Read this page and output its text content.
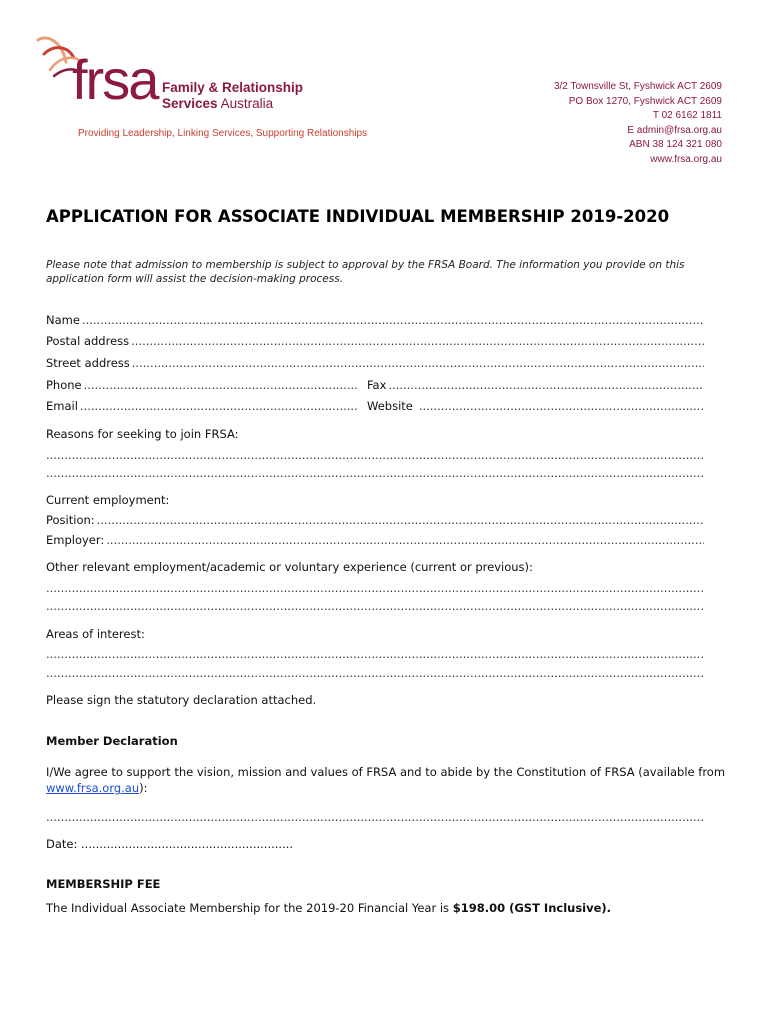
frsa Family & Relationship
Services Australia
Providing Leadership, Linking Services, Supporting Relationships
3/2 Townsville St, Fyshwick ACT 2609
PO Box 1270, Fyshwick ACT 2609
T 02 6162 1811
E admin@frsa.org.au
ABN 38 124 321 080
www.frsa.org.au
APPLICATION FOR ASSOCIATE INDIVIDUAL MEMBERSHIP 2019-2020
Please note that admission to membership is subject to approval by the FRSA Board. The information you provide on this application form will assist the decision-making process.
Name
.....
Postal address
.....
Street address
.....
Phone .....	Fax
.....
Email .....	Website
.....
Reasons for seeking to join FRSA:
.....
.....
Current employment:
Position:
.....
Employer:
.....
Other relevant employment/academic or voluntary experience (current or previous):
.....
.....
Areas of interest:
.....
.....
Please sign the statutory declaration attached.
Member Declaration
I/We agree to support the vision, mission and values of FRSA and to abide by the Constitution of FRSA (available from www.frsa.org.au):
.....
Date: ..........................................................
MEMBERSHIP FEE
The Individual Associate Membership for the 2019-20 Financial Year is $198.00 (GST Inclusive).
